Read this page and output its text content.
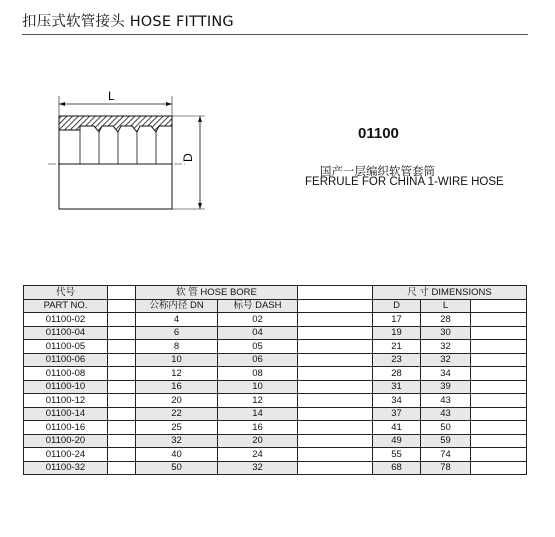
扣压式软管接头 HOSE FITTING
L
D
01100
国产一层编织软管套筒
FERRULE FOR CHINA 1-WIRE HOSE
代号		软 管 HOSE BORE			尺 寸 DIMENSIONS		
PART NO.		公称内径 DN	标号 DASH		D	L	
01100-02		4	02		17	28	
01100-04		6	04		19	30	
01100-05		8	05		21	32	
01100-06		10	06		23	32	
01100-08		12	08		28	34	
01100-10		16	10		31	39	
01100-12		20	12		34	43	
01100-14		22	14		37	43	
01100-16		25	16		41	50	
01100-20		32	20		49	59	
01100-24		40	24		55	74	
01100-32		50	32		68	78	
